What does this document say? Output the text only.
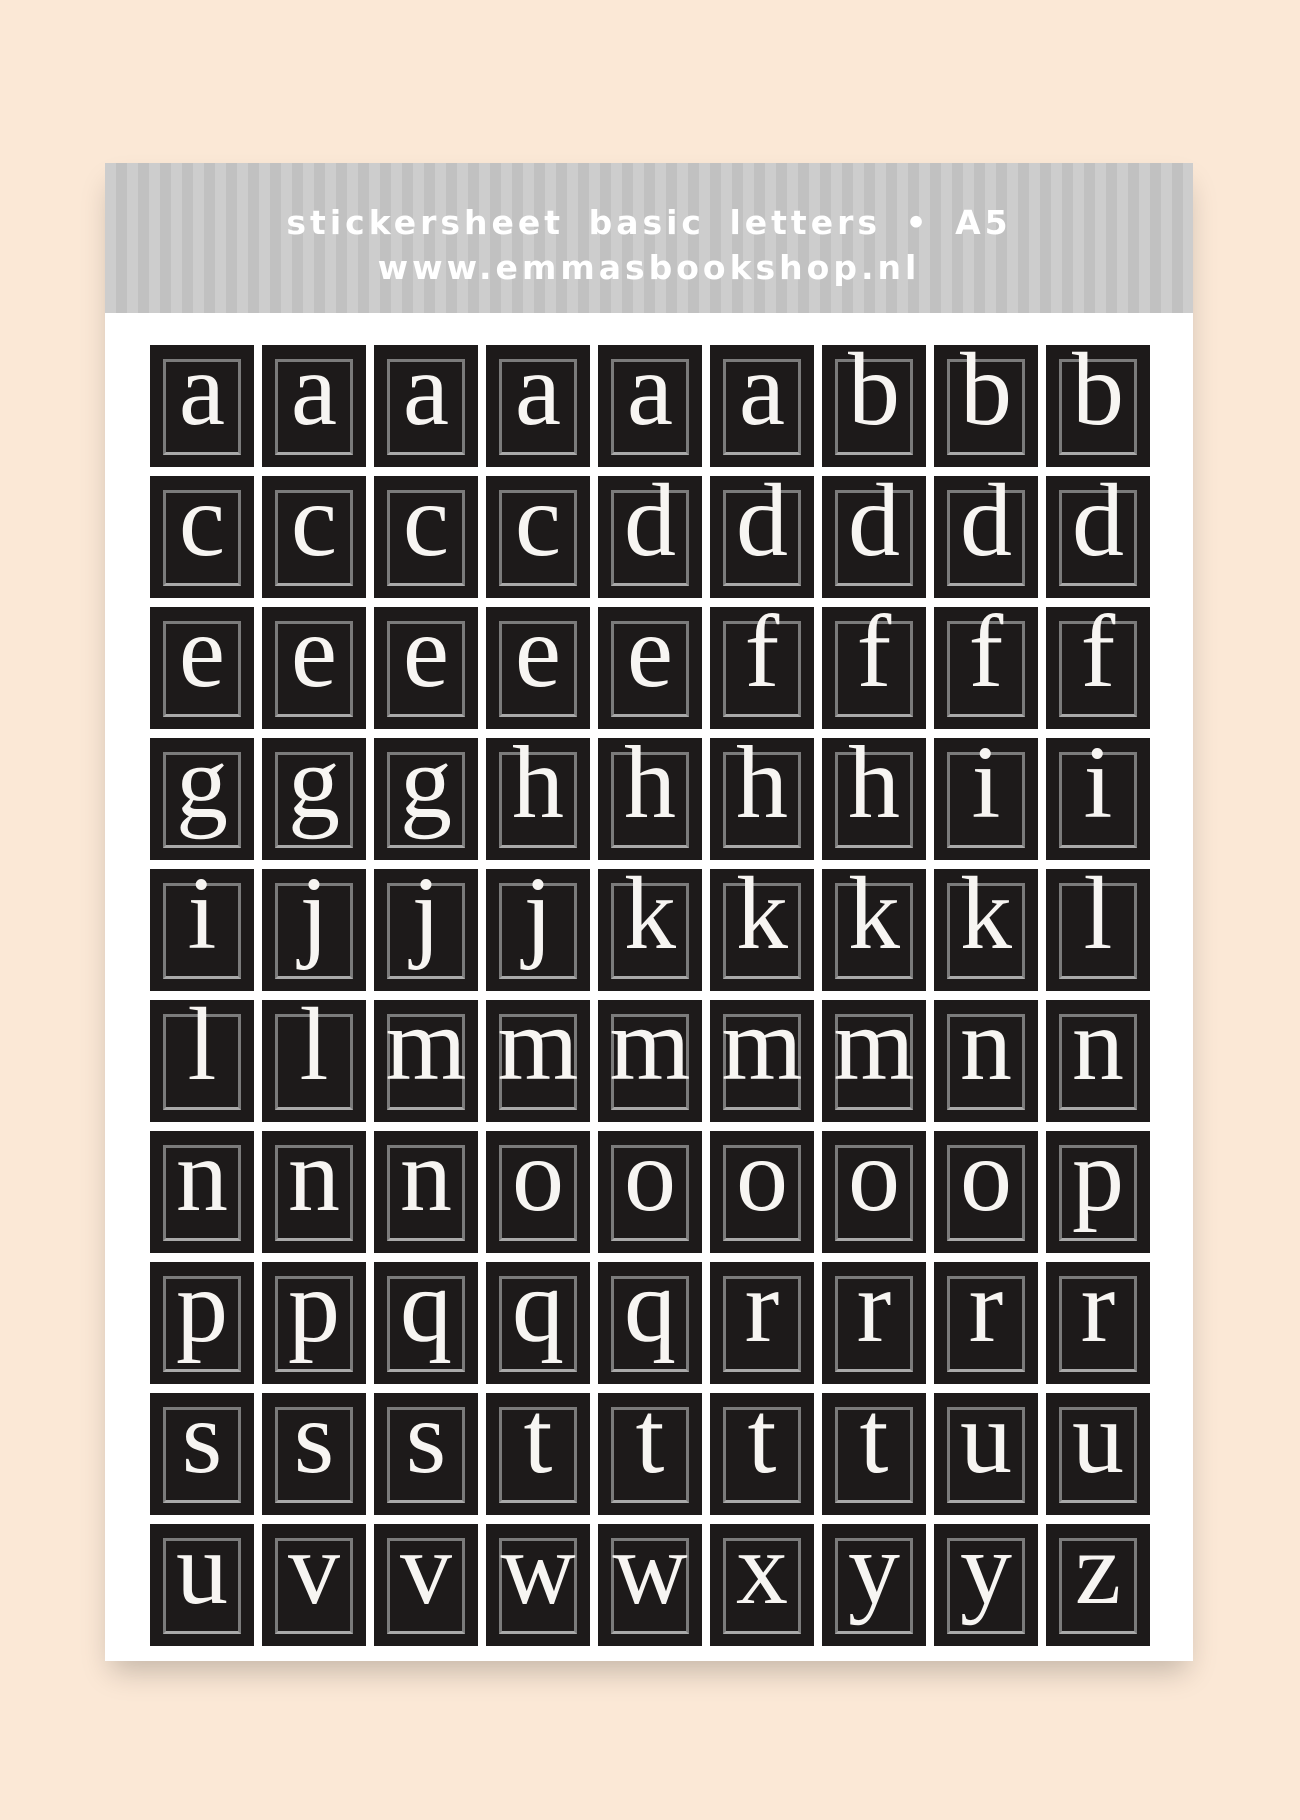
stickersheet basic letters • A5
www.emmasbookshop.nl
a a a a a a b b b
c c c c d d d d d
e e e e e f f f f
g g g h h h h i i
i j j j k k k k l
l l m m m m m n n
n n n o o o o o p
p p q q q r r r r
s s s t t t t u u
u v v w w x y y z
